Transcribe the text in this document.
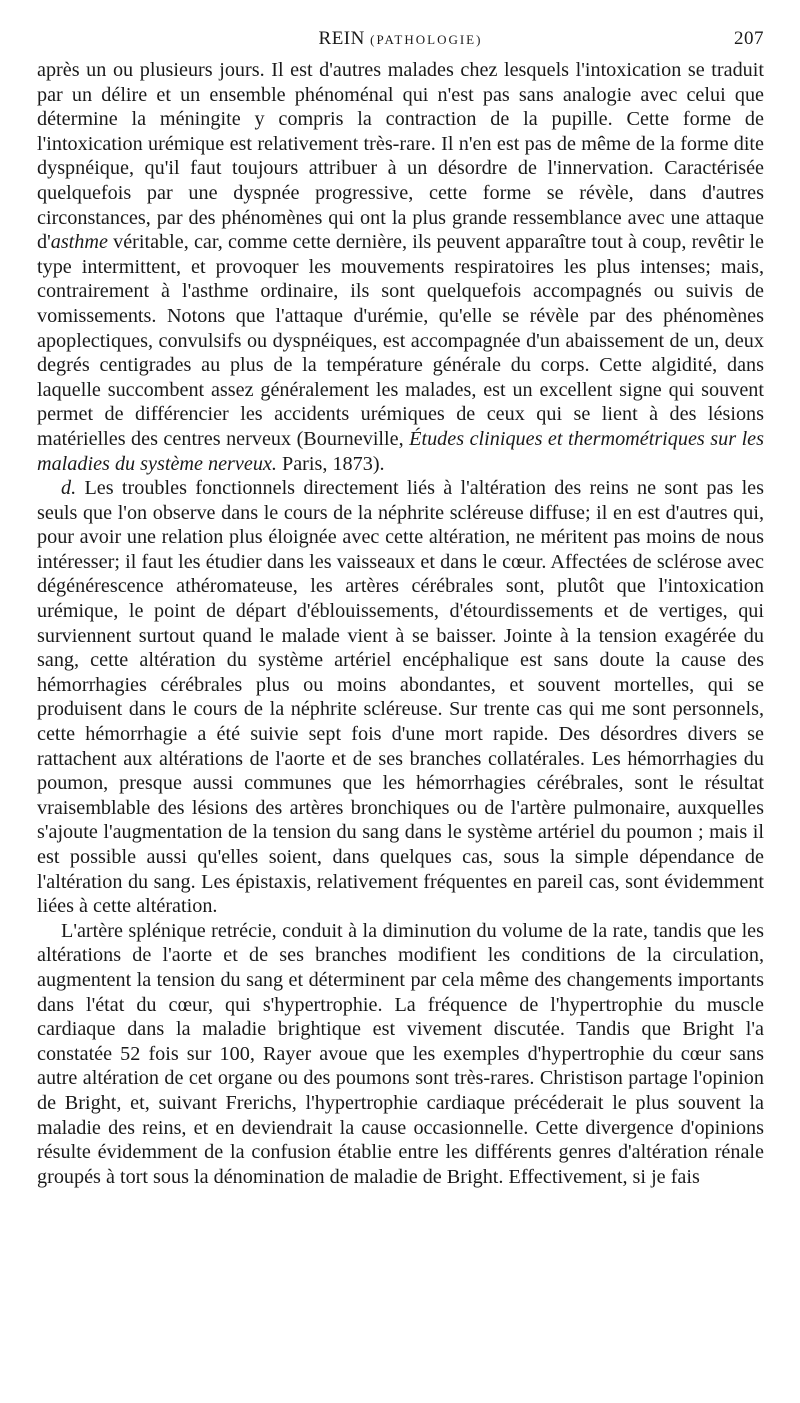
REIN (PATHOLOGIE)	207

après un ou plusieurs jours. Il est d'autres malades chez lesquels l'intoxication se traduit par un délire et un ensemble phénoménal qui n'est pas sans analogie avec celui que détermine la méningite y compris la contraction de la pupille. Cette forme de l'intoxication urémique est relativement très-rare. Il n'en est pas de même de la forme dite dyspnéique, qu'il faut toujours attribuer à un désordre de l'innervation. Caractérisée quelquefois par une dyspnée progressive, cette forme se révèle, dans d'autres circonstances, par des phénomènes qui ont la plus grande ressemblance avec une attaque d'asthme véritable, car, comme cette dernière, ils peuvent apparaître tout à coup, revêtir le type intermittent, et provoquer les mouvements respiratoires les plus intenses; mais, contrairement à l'asthme ordinaire, ils sont quelquefois accompagnés ou suivis de vomissements. Notons que l'attaque d'urémie, qu'elle se révèle par des phénomènes apoplectiques, convulsifs ou dyspnéiques, est accompagnée d'un abaissement de un, deux degrés centigrades au plus de la température générale du corps. Cette algidité, dans laquelle succombent assez généralement les malades, est un excellent signe qui souvent permet de différencier les accidents urémiques de ceux qui se lient à des lésions matérielles des centres nerveux (Bourneville, Études cliniques et thermométriques sur les maladies du système nerveux. Paris, 1873).

d. Les troubles fonctionnels directement liés à l'altération des reins ne sont pas les seuls que l'on observe dans le cours de la néphrite scléreuse diffuse; il en est d'autres qui, pour avoir une relation plus éloignée avec cette altération, ne méritent pas moins de nous intéresser; il faut les étudier dans les vaisseaux et dans le cœur. Affectées de sclérose avec dégénérescence athéromateuse, les artères cérébrales sont, plutôt que l'intoxication urémique, le point de départ d'éblouissements, d'étourdissements et de vertiges, qui surviennent surtout quand le malade vient à se baisser. Jointe à la tension exagérée du sang, cette altération du système artériel encéphalique est sans doute la cause des hémorrhagies cérébrales plus ou moins abondantes, et souvent mortelles, qui se produisent dans le cours de la néphrite scléreuse. Sur trente cas qui me sont personnels, cette hémorrhagie a été suivie sept fois d'une mort rapide. Des désordres divers se rattachent aux altérations de l'aorte et de ses branches collatérales. Les hémorrhagies du poumon, presque aussi communes que les hémorrhagies cérébrales, sont le résultat vraisemblable des lésions des artères bronchiques ou de l'artère pulmonaire, auxquelles s'ajoute l'augmentation de la tension du sang dans le système artériel du poumon ; mais il est possible aussi qu'elles soient, dans quelques cas, sous la simple dépendance de l'altération du sang. Les épistaxis, relativement fréquentes en pareil cas, sont évidemment liées à cette altération.

L'artère splénique retrécie, conduit à la diminution du volume de la rate, tandis que les altérations de l'aorte et de ses branches modifient les conditions de la circulation, augmentent la tension du sang et déterminent par cela même des changements importants dans l'état du cœur, qui s'hypertrophie. La fréquence de l'hypertrophie du muscle cardiaque dans la maladie brightique est vivement discutée. Tandis que Bright l'a constatée 52 fois sur 100, Rayer avoue que les exemples d'hypertrophie du cœur sans autre altération de cet organe ou des poumons sont très-rares. Christison partage l'opinion de Bright, et, suivant Frerichs, l'hypertrophie cardiaque précéderait le plus souvent la maladie des reins, et en deviendrait la cause occasionnelle. Cette divergence d'opinions résulte évidemment de la confusion établie entre les différents genres d'altération rénale groupés à tort sous la dénomination de maladie de Bright. Effectivement, si je fais
